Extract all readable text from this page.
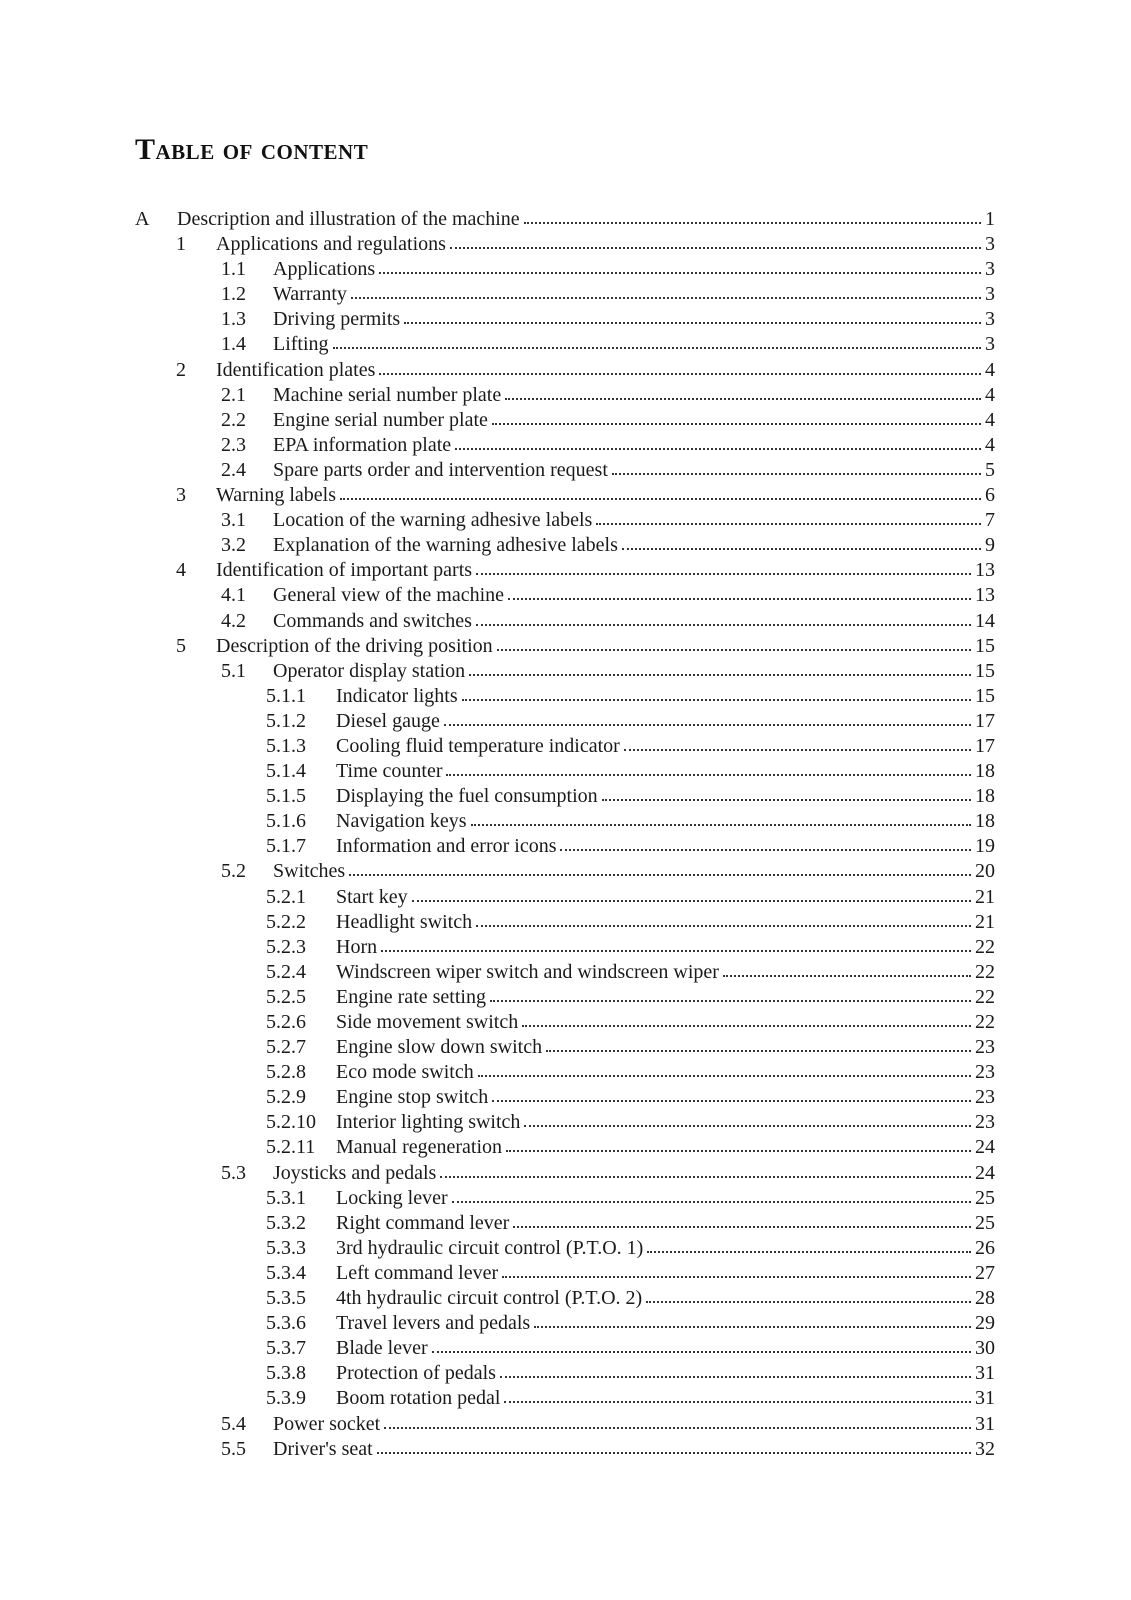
Table of content
A	Description and illustration of the machine	1
1	Applications and regulations	3
1.1	Applications	3
1.2	Warranty	3
1.3	Driving permits	3
1.4	Lifting	3
2	Identification plates	4
2.1	Machine serial number plate	4
2.2	Engine serial number plate	4
2.3	EPA information plate	4
2.4	Spare parts order and intervention request	5
3	Warning labels	6
3.1	Location of the warning adhesive labels	7
3.2	Explanation of the warning adhesive labels	9
4	Identification of important parts	13
4.1	General view of the machine	13
4.2	Commands and switches	14
5	Description of the driving position	15
5.1	Operator display station	15
5.1.1	Indicator lights	15
5.1.2	Diesel gauge	17
5.1.3	Cooling fluid temperature indicator	17
5.1.4	Time counter	18
5.1.5	Displaying the fuel consumption	18
5.1.6	Navigation keys	18
5.1.7	Information and error icons	19
5.2	Switches	20
5.2.1	Start key	21
5.2.2	Headlight switch	21
5.2.3	Horn	22
5.2.4	Windscreen wiper switch and windscreen wiper	22
5.2.5	Engine rate setting	22
5.2.6	Side movement switch	22
5.2.7	Engine slow down switch	23
5.2.8	Eco mode switch	23
5.2.9	Engine stop switch	23
5.2.10	Interior lighting switch	23
5.2.11	Manual regeneration	24
5.3	Joysticks and pedals	24
5.3.1	Locking lever	25
5.3.2	Right command lever	25
5.3.3	3rd hydraulic circuit control (P.T.O. 1)	26
5.3.4	Left command lever	27
5.3.5	4th hydraulic circuit control (P.T.O. 2)	28
5.3.6	Travel levers and pedals	29
5.3.7	Blade lever	30
5.3.8	Protection of pedals	31
5.3.9	Boom rotation pedal	31
5.4	Power socket	31
5.5	Driver's seat	32
